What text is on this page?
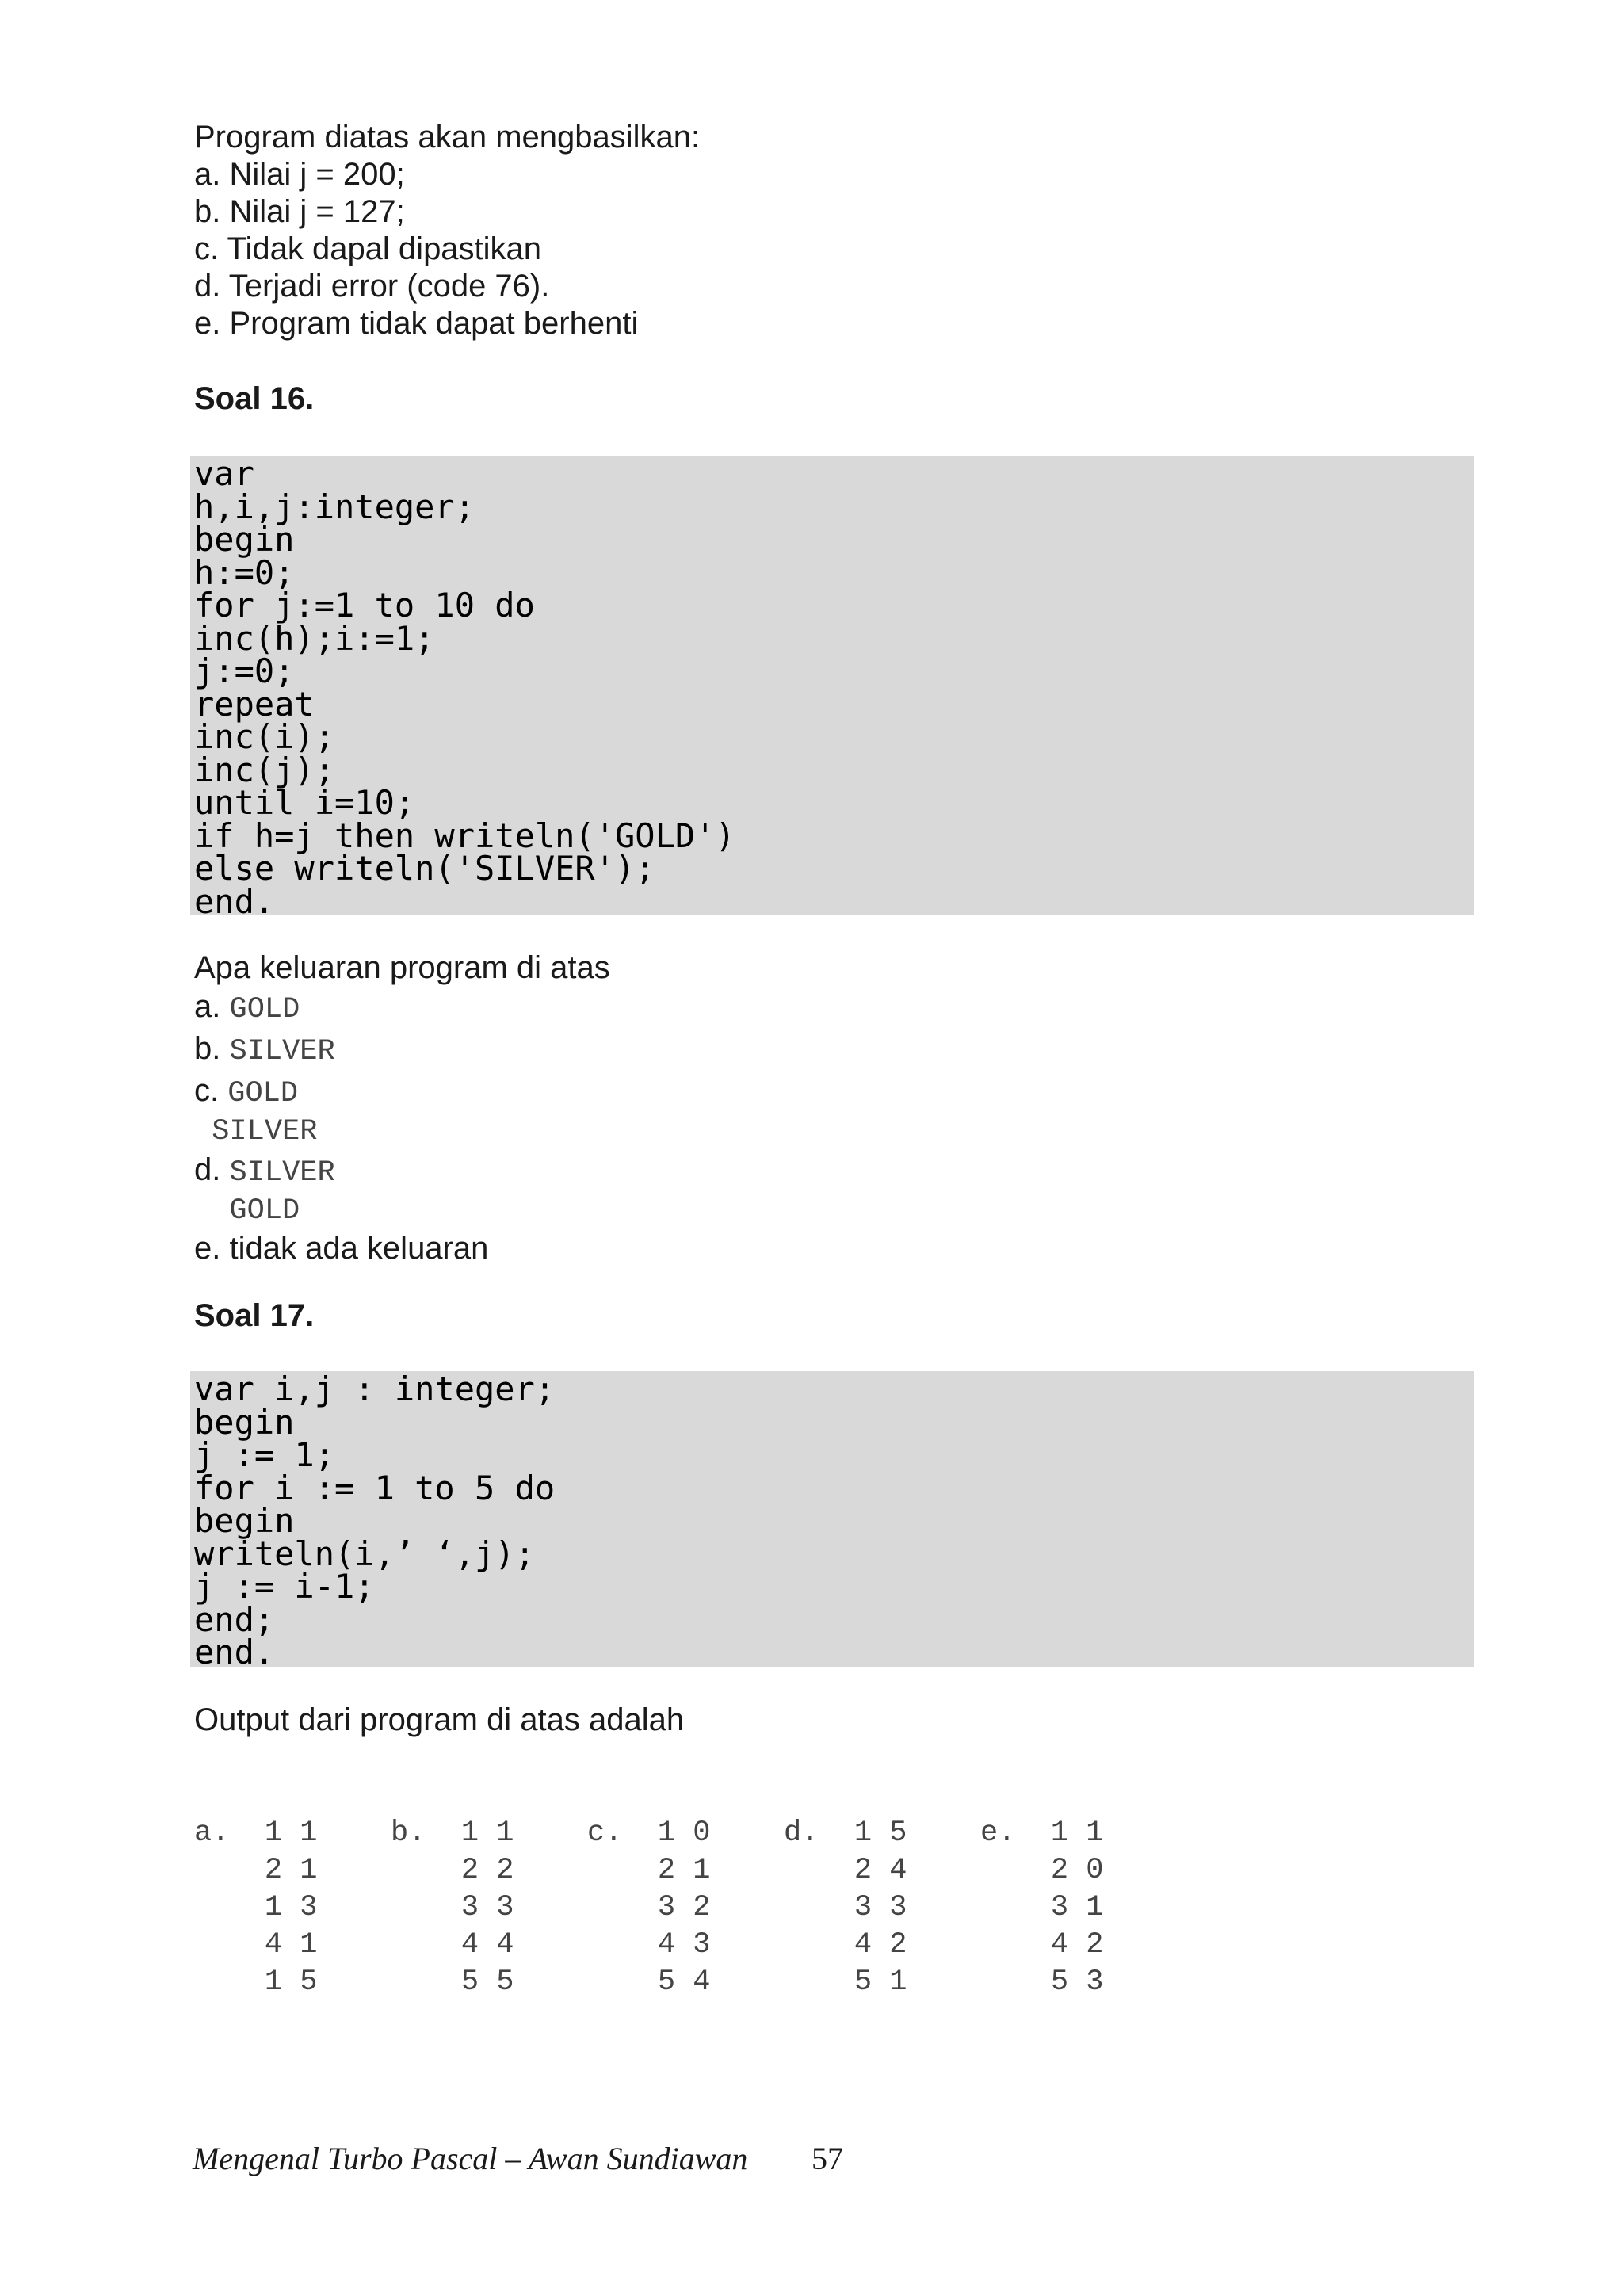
Program diatas akan mengbasilkan:

a. Nilai j = 200;

b. Nilai j = 127;

c. Tidak dapal dipastikan

d. Terjadi error (code 76).

e. Program tidak dapat berhenti

Soal 16.

var

h,i,j:integer;

begin

h:=0;

for j:=1 to 10 do

inc(h);i:=1;

j:=0;

repeat

inc(i);

inc(j);

until i=10;

if h=j then writeln('GOLD')

else writeln('SILVER');

end.

Apa keluaran program di atas

a. GOLD
b. SILVER
c. GOLD
SILVER
d. SILVER
GOLD

e. tidak ada keluaran

Soal 17.

var i,j : integer;

begin

j := 1;

for i := 1 to 5 do

begin

writeln(i,’ ‘,j);

j := i-1;

end;

end.

Output dari program di atas adalah
a. 1 1
2 1
1 3
4 1
1 5
b. 1 1
2 2
3 3
4 4
5 5
c. 1 0
2 1
3 2
4 3
5 4
d. 1 5
2 4
3 3
4 2
5 1
e. 1 1
2 0
3 1
4 2
5 3
Mengenal Turbo Pascal – Awan Sundiawan 57
